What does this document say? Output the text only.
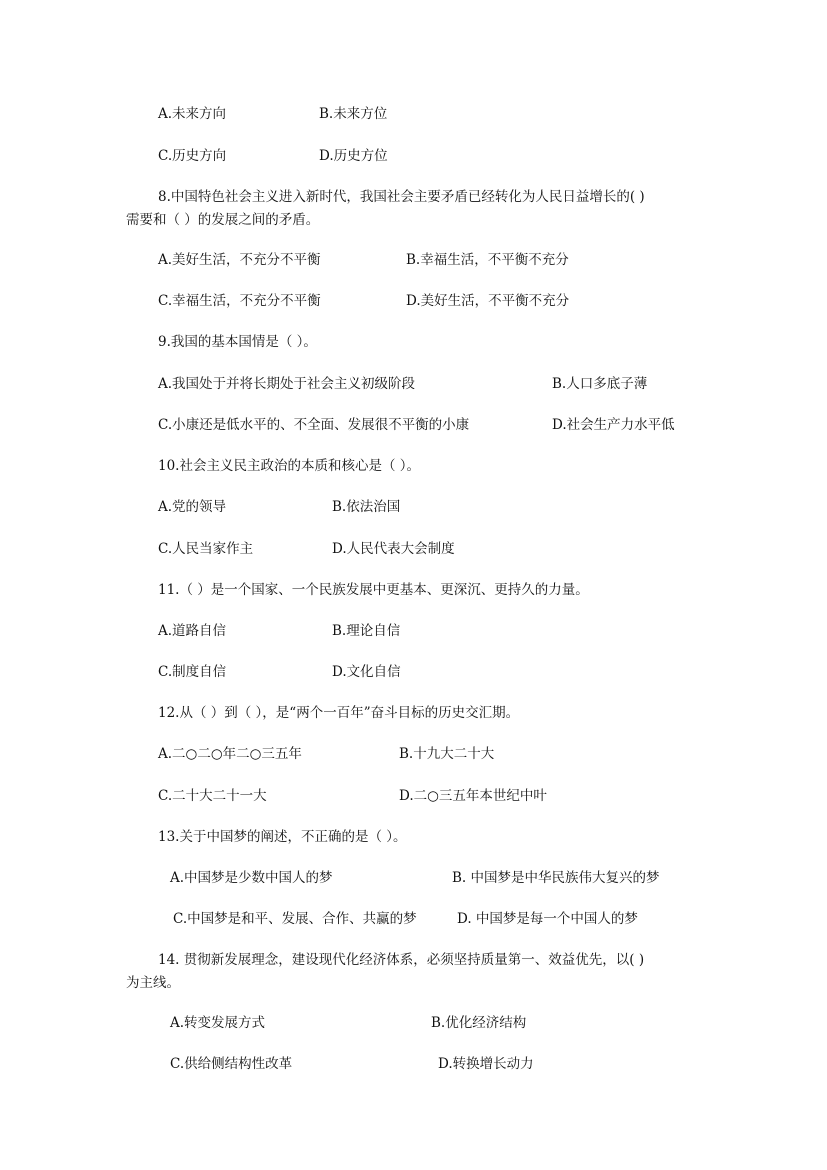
A.未来方向	B.未来方位
C.历史方向	D.历史方位
8.中国特色社会主义进入新时代，我国社会主要矛盾已经转化为人民日益增长的( )
需要和（ ）的发展之间的矛盾。
A.美好生活，不充分不平衡	B.幸福生活，不平衡不充分
C.幸福生活，不充分不平衡	D.美好生活，不平衡不充分
9.我国的基本国情是（ ）。
A.我国处于并将长期处于社会主义初级阶段	B.人口多底子薄
C.小康还是低水平的、不全面、发展很不平衡的小康	D.社会生产力水平低
10.社会主义民主政治的本质和核心是（ ）。
A.党的领导	B.依法治国
C.人民当家作主	D.人民代表大会制度
11.（ ）是一个国家、一个民族发展中更基本、更深沉、更持久的力量。
A.道路自信	B.理论自信
C.制度自信	D.文化自信
12.从（ ）到（ ），是“两个一百年”奋斗目标的历史交汇期。
A.二○二○年二○三五年	B.十九大二十大
C.二十大二十一大	D.二○三五年本世纪中叶
13.关于中国梦的阐述，不正确的是（ ）。
A.中国梦是少数中国人的梦	B. 中国梦是中华民族伟大复兴的梦
C.中国梦是和平、发展、合作、共赢的梦	D. 中国梦是每一个中国人的梦
14. 贯彻新发展理念，建设现代化经济体系，必须坚持质量第一、效益优先，以( )
为主线。
A.转变发展方式	B.优化经济结构
C.供给侧结构性改革	D.转换增长动力
